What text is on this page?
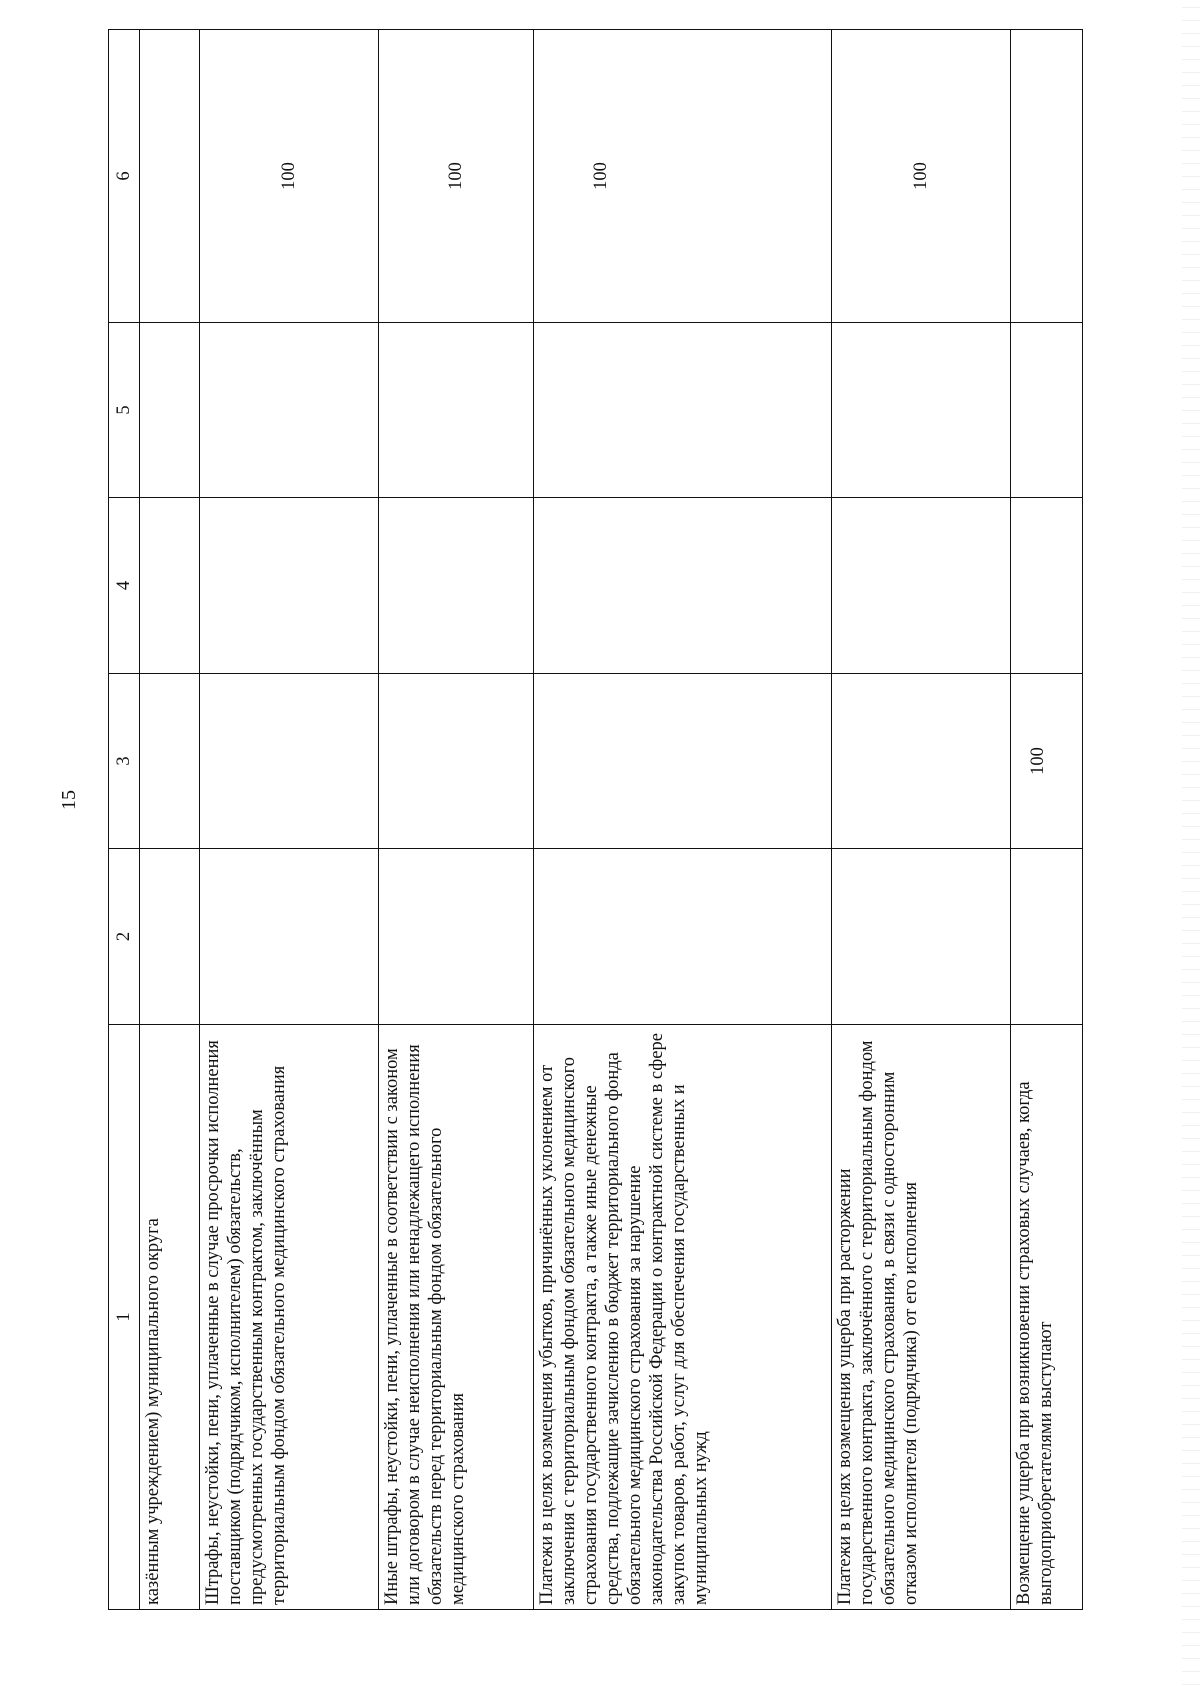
15
1	2	3	4	5	6
казённым учреждением) муниципального округа					
Штрафы, неустойки, пени, уплаченные в случае просрочки исполнения поставщиком (подрядчиком, исполнителем) обязательств, предусмотренных государственным контрактом, заключённым территориальным фондом обязательного медицинского страхования					100
Иные штрафы, неустойки, пени, уплаченные в соответствии с законом или договором в случае неисполнения или ненадлежащего исполнения обязательств перед территориальным фондом обязательного медицинского страхования					100
Платежи в целях возмещения убытков, причинённых уклонением от заключения с территориальным фондом обязательного медицинского страхования государственного контракта, а также иные денежные средства, подлежащие зачислению в бюджет территориального фонда обязательного медицинского страхования за нарушение законодательства Российской Федерации о контрактной системе в сфере закупок товаров, работ, услуг для обеспечения государственных и муниципальных нужд					100
Платежи в целях возмещения ущерба при расторжении государственного контракта, заключённого с территориальным фондом обязательного медицинского страхования, в связи с односторонним отказом исполнителя (подрядчика) от его исполнения					100
Возмещение ущерба при возникновении страховых случаев, когда выгодоприобретателями выступают		100			
